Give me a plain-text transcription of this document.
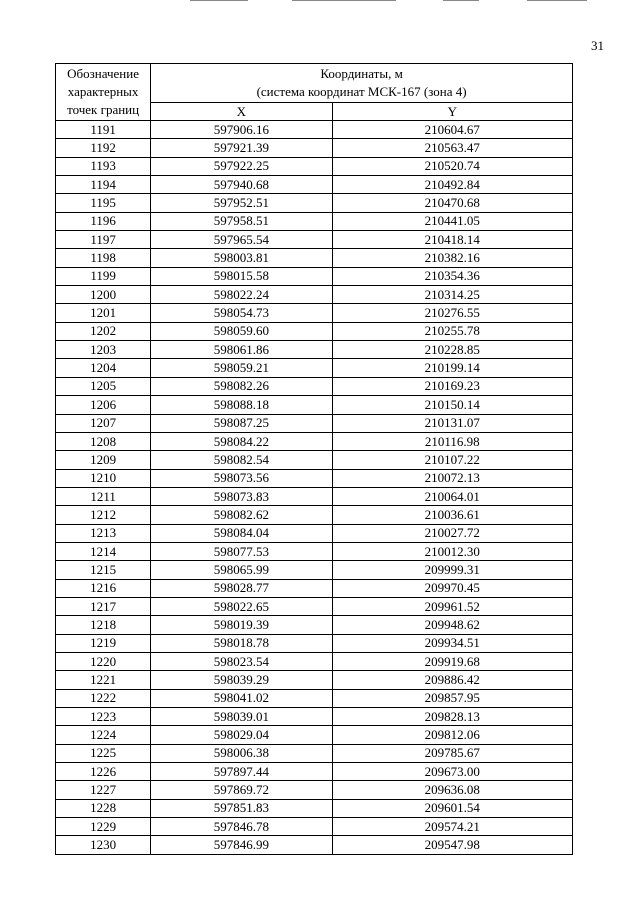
31
Обозначение
характерных
точек границ	Координаты, м
(система координат МСК-167 (зона 4)	

	X	Y
1191	597906.16	210604.67
1192	597921.39	210563.47
1193	597922.25	210520.74
1194	597940.68	210492.84
1195	597952.51	210470.68
1196	597958.51	210441.05
1197	597965.54	210418.14
1198	598003.81	210382.16
1199	598015.58	210354.36
1200	598022.24	210314.25
1201	598054.73	210276.55
1202	598059.60	210255.78
1203	598061.86	210228.85
1204	598059.21	210199.14
1205	598082.26	210169.23
1206	598088.18	210150.14
1207	598087.25	210131.07
1208	598084.22	210116.98
1209	598082.54	210107.22
1210	598073.56	210072.13
1211	598073.83	210064.01
1212	598082.62	210036.61
1213	598084.04	210027.72
1214	598077.53	210012.30
1215	598065.99	209999.31
1216	598028.77	209970.45
1217	598022.65	209961.52
1218	598019.39	209948.62
1219	598018.78	209934.51
1220	598023.54	209919.68
1221	598039.29	209886.42
1222	598041.02	209857.95
1223	598039.01	209828.13
1224	598029.04	209812.06
1225	598006.38	209785.67
1226	597897.44	209673.00
1227	597869.72	209636.08
1228	597851.83	209601.54
1229	597846.78	209574.21
1230	597846.99	209547.98
